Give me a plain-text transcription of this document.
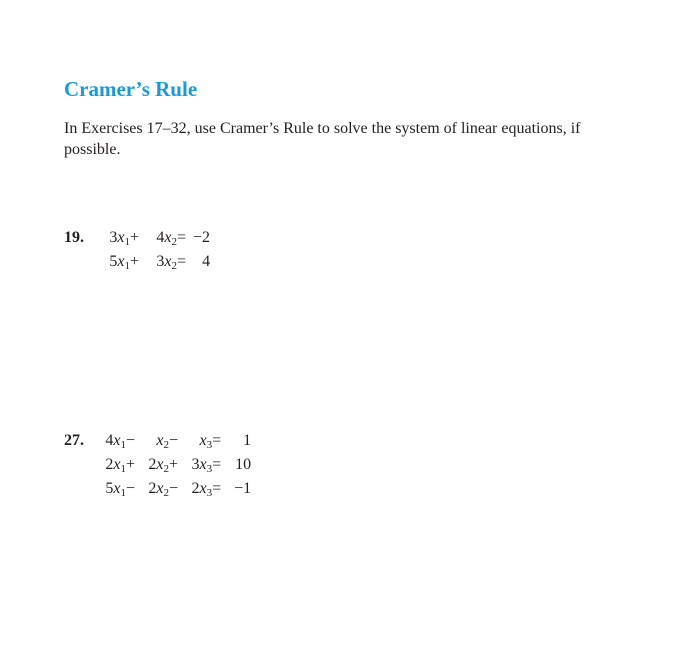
Cramer’s Rule

In Exercises 17–32, use Cramer’s Rule to solve the system of linear equations, if possible.

19. $3x_1$	+	$4x_2$	=	−2
$5x_1$	+	$3x_2$	=	4
27. $4x_1$	−	$x_2$	−	$x_3$	=	1
$2x_1$	+	$2x_2$	+	$3x_3$	=	10
$5x_1$	−	$2x_2$	−	$2x_3$	=	−1
